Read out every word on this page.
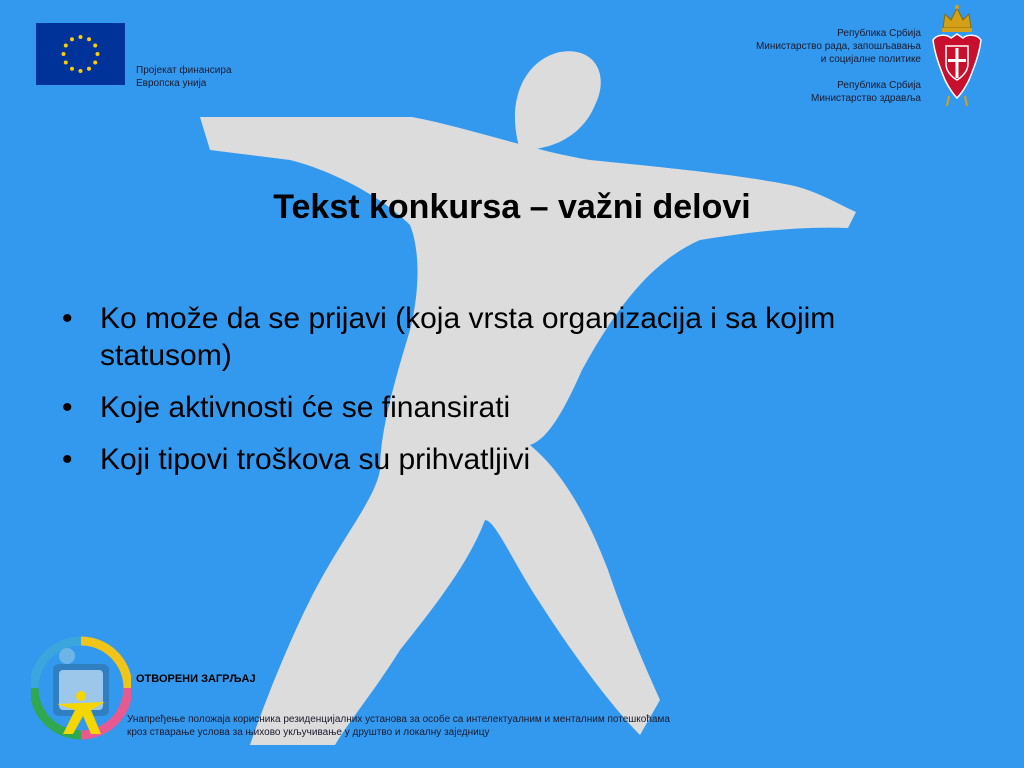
Пројекат финансира
Европска унија
Република Србија
Министарство рада, запошљавања
и социјалне политике
Република Србија
Министарство здравља
Tekst konkursa – važni delovi
• Ko može da se prijavi (koja vrsta organizacija i sa kojim statusom)
• Koje aktivnosti će se finansirati
• Koji tipovi troškova su prihvatljivi
ОТВОРЕНИ ЗАГРЉАЈ
Унапређење положаја корисника резиденцијалних установа за особе са интелектуалним и менталним потешкоћама
кроз стварање услова за њихово укључивање у друштво и локалну заједницу
